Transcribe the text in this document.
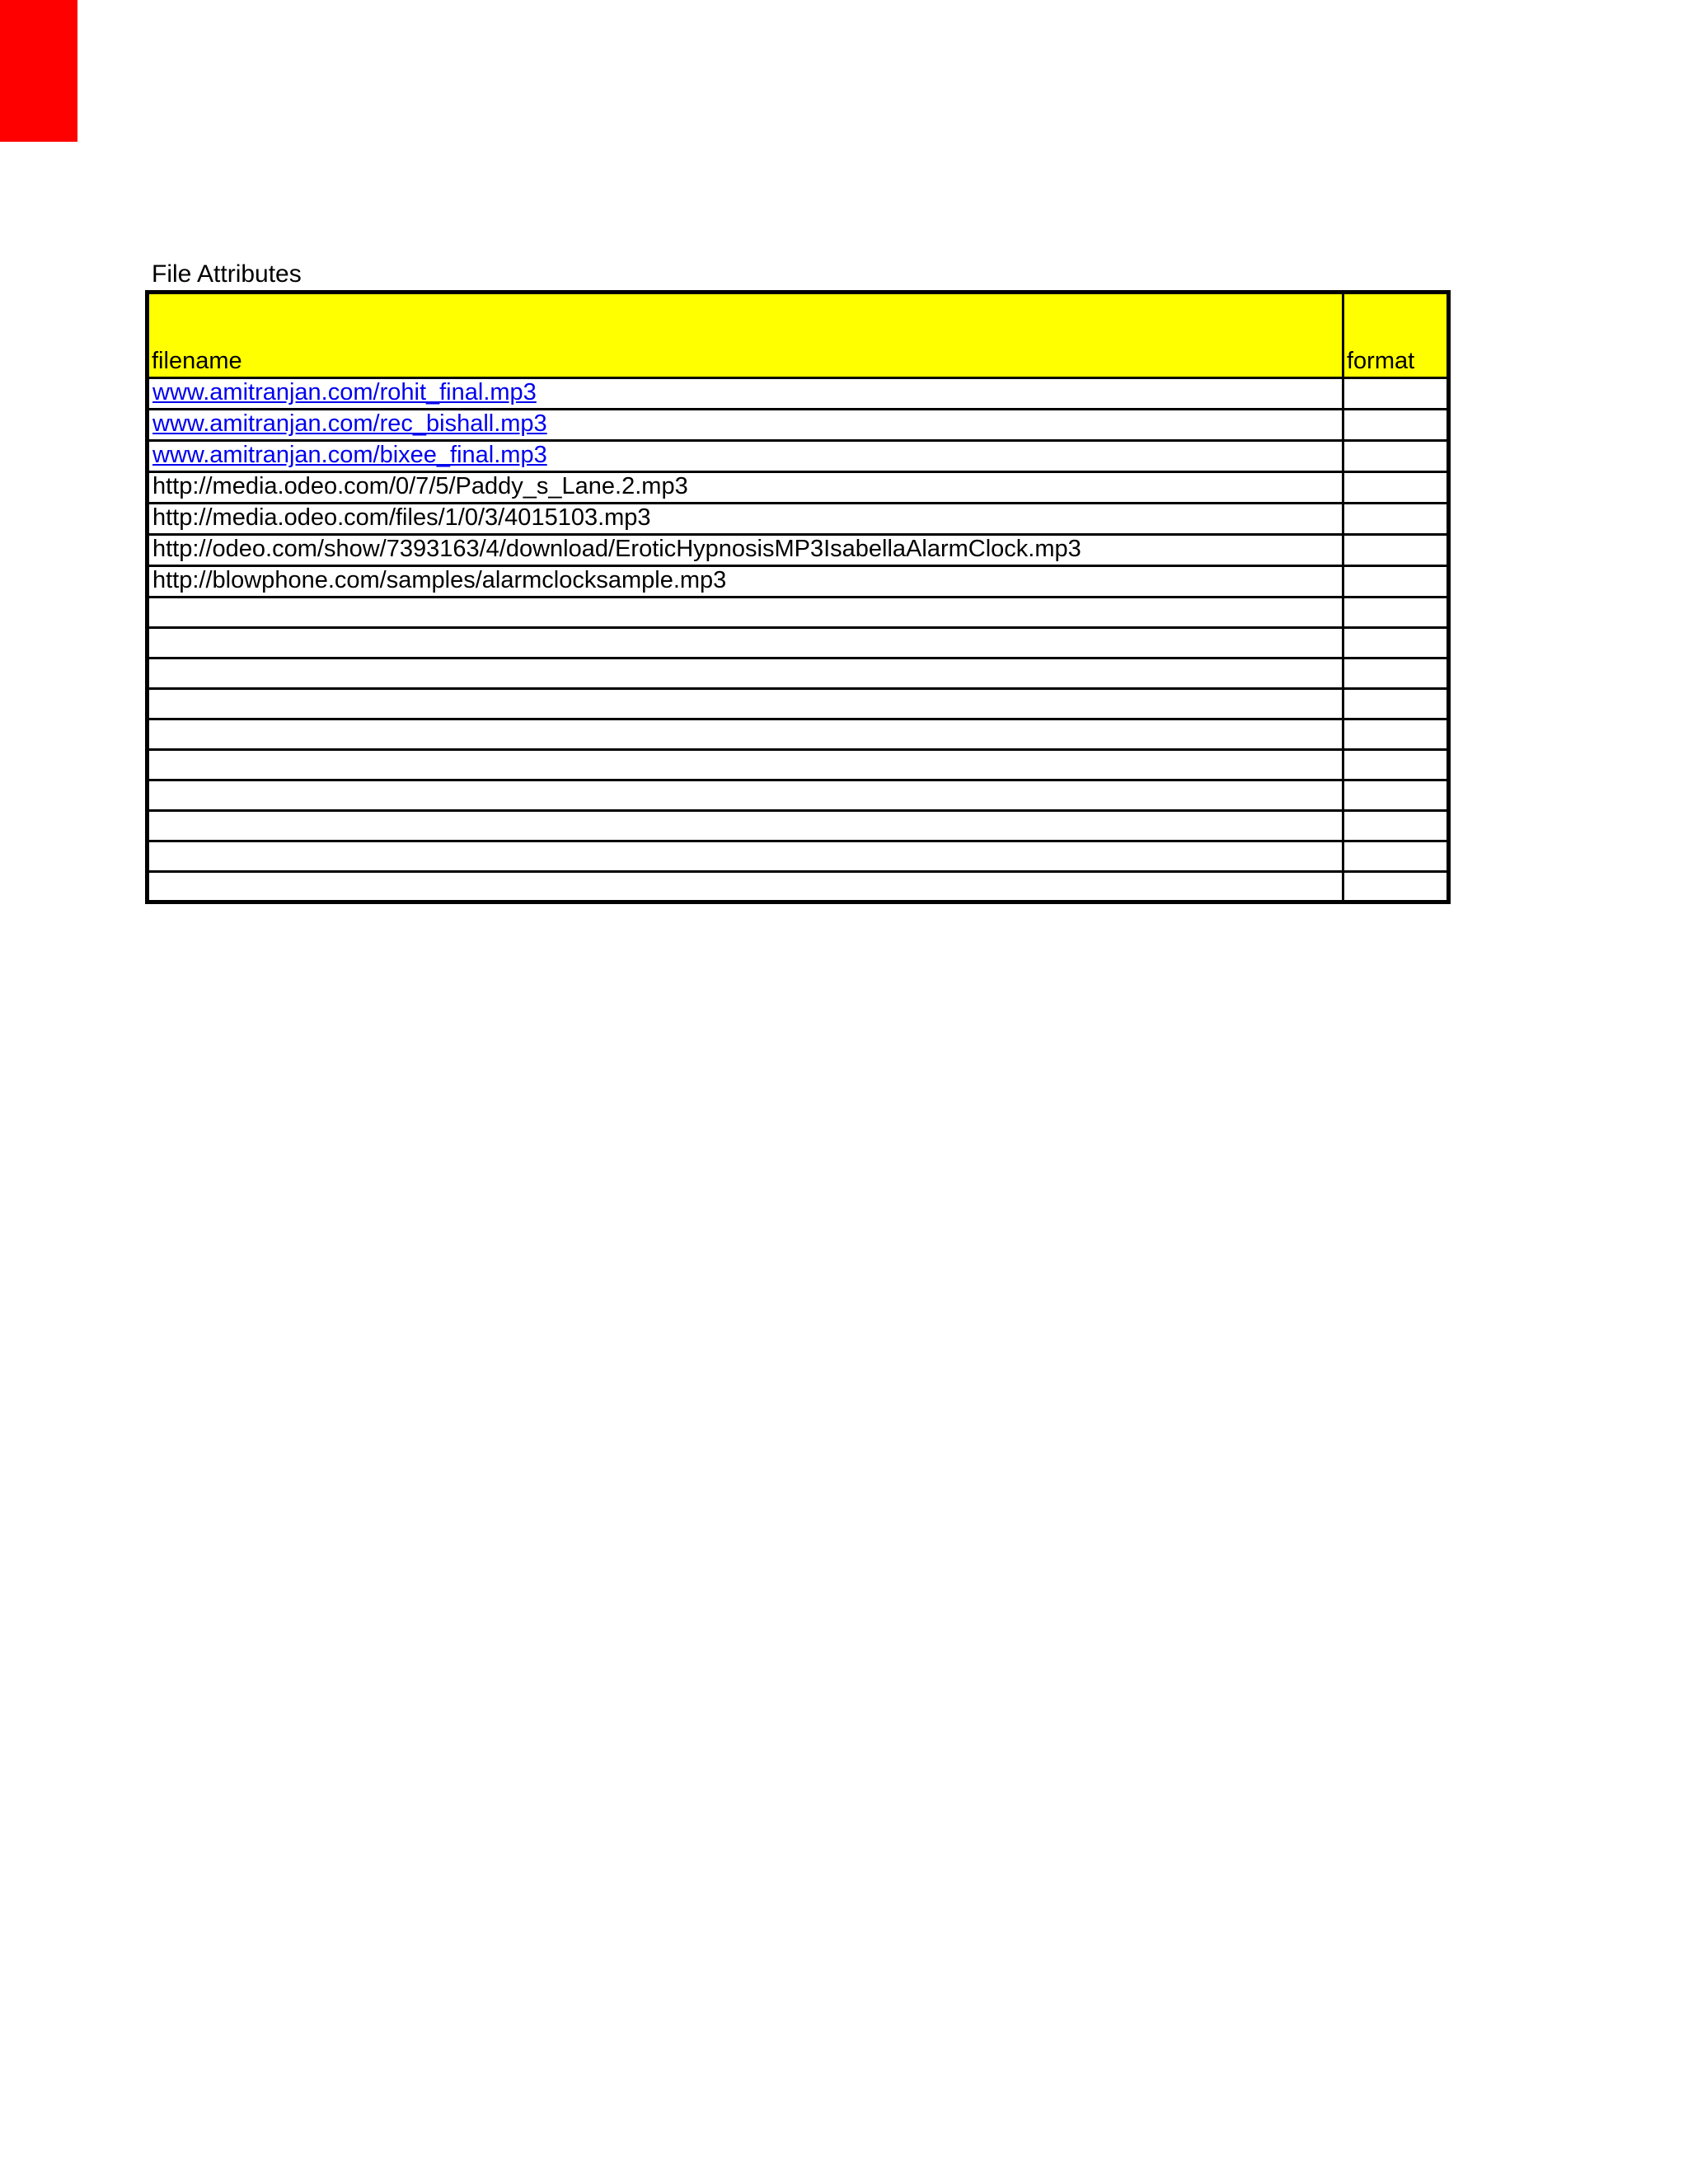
File Attributes
filename	format
www.amitranjan.com/rohit_final.mp3	
www.amitranjan.com/rec_bishall.mp3	
www.amitranjan.com/bixee_final.mp3	
http://media.odeo.com/0/7/5/Paddy_s_Lane.2.mp3	
http://media.odeo.com/files/1/0/3/4015103.mp3	
http://odeo.com/show/7393163/4/download/EroticHypnosisMP3IsabellaAlarmClock.mp3	
http://blowphone.com/samples/alarmclocksample.mp3	
